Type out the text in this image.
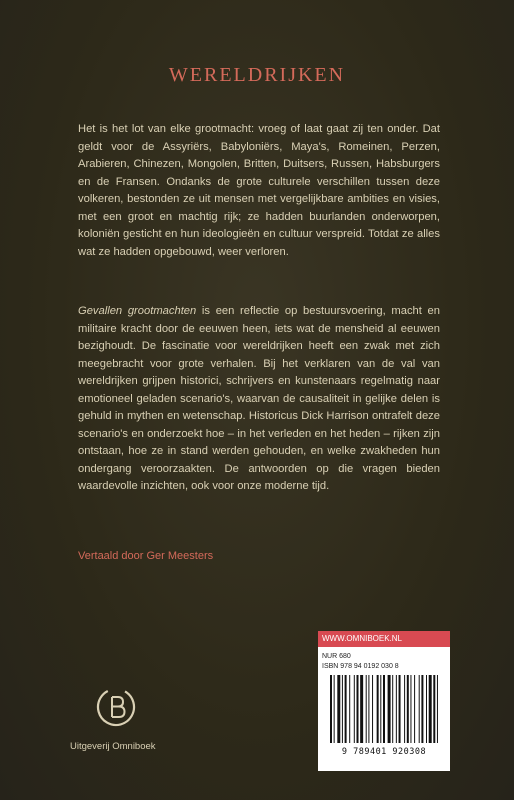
WERELDRIJKEN
Het is het lot van elke grootmacht: vroeg of laat gaat zij ten onder. Dat geldt voor de Assyriërs, Babyloniërs, Maya's, Romeinen, Perzen, Arabieren, Chinezen, Mongolen, Britten, Duitsers, Russen, Habsburgers en de Fransen. Ondanks de grote culturele verschillen tussen deze volkeren, bestonden ze uit mensen met vergelijkbare ambities en visies, met een groot en machtig rijk; ze hadden buurlanden onderworpen, koloniën gesticht en hun ideologieën en cultuur verspreid. Totdat ze alles wat ze hadden opgebouwd, weer verloren.
Gevallen grootmachten is een reflectie op bestuursvoering, macht en militaire kracht door de eeuwen heen, iets wat de mensheid al eeuwen bezighoudt. De fascinatie voor wereldrijken heeft een zwak met zich meegebracht voor grote verhalen. Bij het verklaren van de val van wereldrijken grijpen historici, schrijvers en kunstenaars regelmatig naar emotioneel geladen scenario's, waarvan de causaliteit in gelijke delen is gehuld in mythen en wetenschap. Historicus Dick Harrison ontrafelt deze scenario's en onderzoekt hoe – in het verleden en het heden – rijken zijn ontstaan, hoe ze in stand werden gehouden, en welke zwakheden hun ondergang veroorzaakten. De antwoorden op die vragen bieden waardevolle inzichten, ook voor onze moderne tijd.
Vertaald door Ger Meesters
Uitgeverij Omniboek
WWW.OMNIBOEK.NL
NUR 680
ISBN 978 94 0192 030 8
9 789401 920308
